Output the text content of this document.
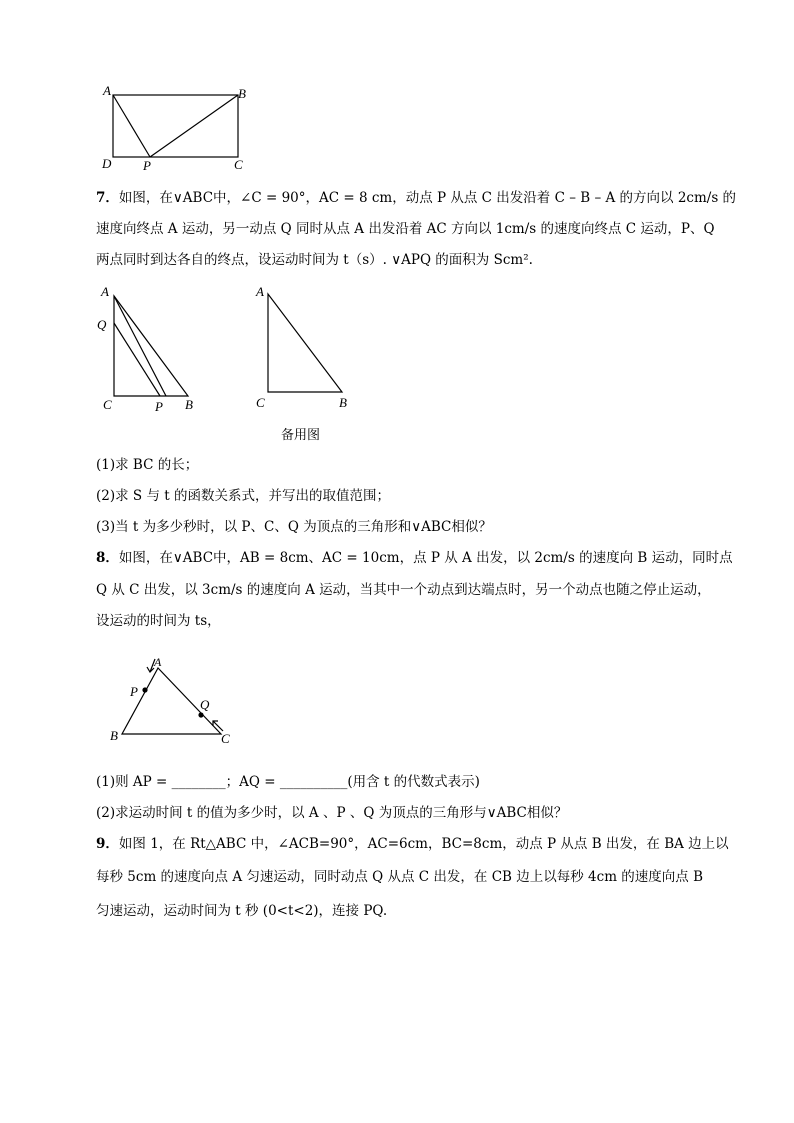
A	B
D P	C
7．如图，在∨ABC中，∠C = 90°，AC = 8 cm，动点 P 从点 C 出发沿着 C – B – A 的方向以 2cm/s 的
速度向终点 A 运动，另一动点 Q 同时从点 A 出发沿着 AC 方向以 1cm/s 的速度向终点 C 运动，P、Q
两点同时到达各自的终点，设运动时间为 t（s）. ∨APQ 的面积为 Scm².
A
Q
C	P B
A
C	B
备用图
(1)求 BC 的长；
(2)求 S 与 t 的函数关系式，并写出的取值范围；
(3)当 t 为多少秒时，以 P、C、Q 为顶点的三角形和∨ABC相似？
8．如图，在∨ABC中，AB = 8cm、AC = 10cm，点 P 从 A 出发，以 2cm/s 的速度向 B 运动，同时点
Q 从 C 出发，以 3cm/s 的速度向 A 运动，当其中一个动点到达端点时，另一个动点也随之停止运动，
设运动的时间为 ts，
A
P
Q
B	C
(1)则 AP = ________；AQ = __________(用含 t 的代数式表示)
(2)求运动时间 t 的值为多少时，以 A 、P 、Q 为顶点的三角形与∨ABC相似？
9．如图 1，在 Rt△ABC 中，∠ACB=90°，AC=6cm，BC=8cm，动点 P 从点 B 出发，在 BA 边上以
每秒 5cm 的速度向点 A 匀速运动，同时动点 Q 从点 C 出发，在 CB 边上以每秒 4cm 的速度向点 B
匀速运动，运动时间为 t 秒 (0<t<2)，连接 PQ.
